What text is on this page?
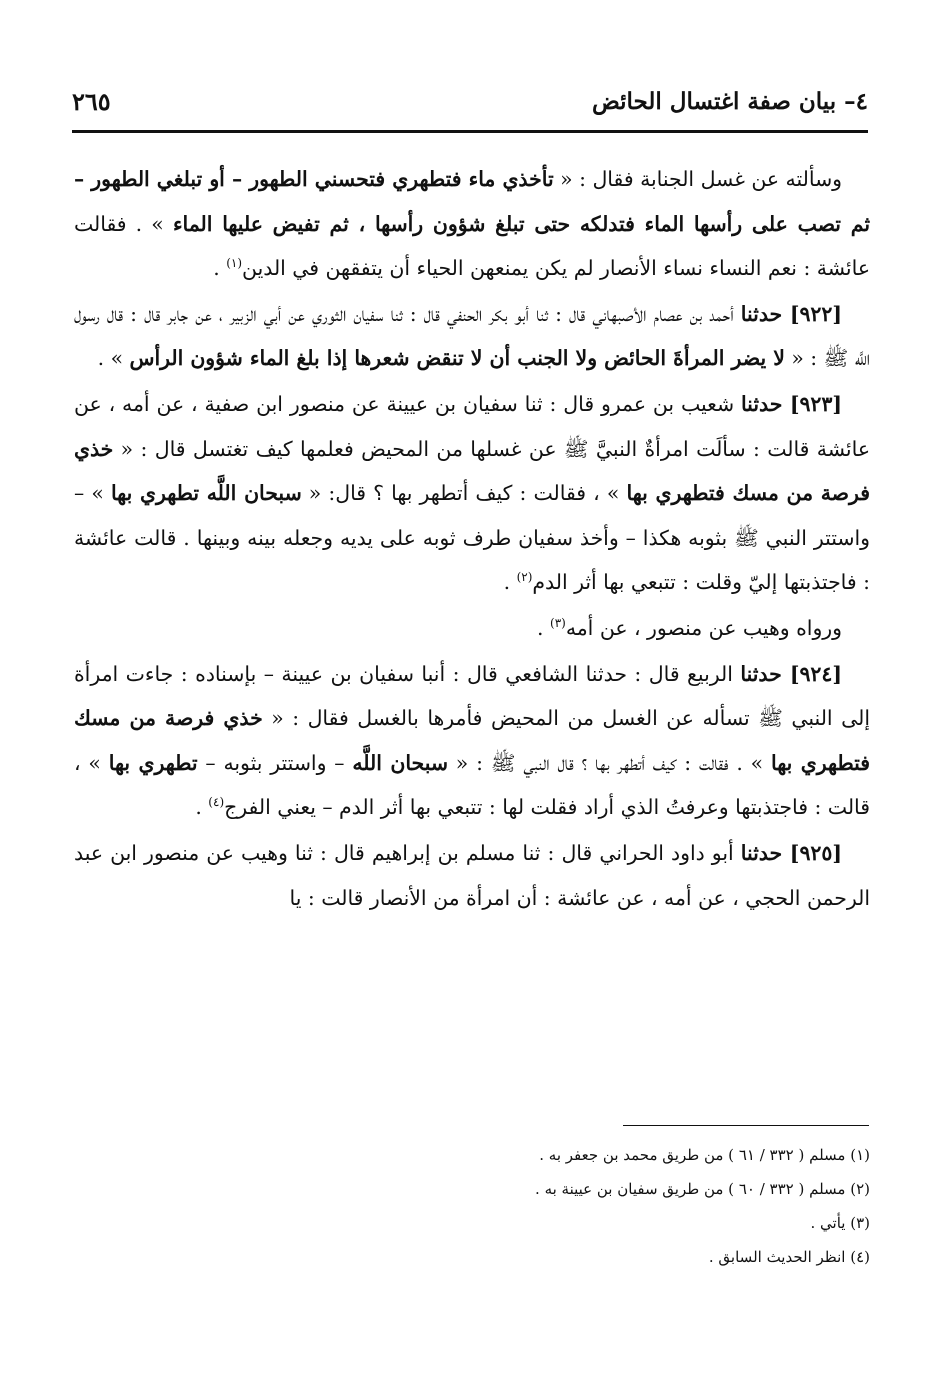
٤– بيان صفة اغتسال الحائض
٢٦٥

وسألته عن غسل الجنابة فقال : « تأخذي ماء فتطهري فتحسني الطهور – أو تبلغي الطهور – ثم تصب على رأسها الماء فتدلكه حتى تبلغ شؤون رأسها ، ثم تفيض عليها الماء » . فقالت عائشة : نعم النساء نساء الأنصار لم يكن يمنعهن الحياء أن يتفقهن في الدين$^{(١)}$ .

[٩٢٢] حدثنا أحمد بن عصام الأصبهاني قال : ثنا أبو بكر الحنفي قال : ثنا سفيان الثوري عن أبي الزبير ، عن جابر قال : قال رسول اللَّه ﷺ : « لا يضر المرأةَ الحائض ولا الجنب أن لا تنقض شعرها إذا بلغ الماء شؤون الرأس » .

[٩٢٣] حدثنا شعيب بن عمرو قال : ثنا سفيان بن عيينة عن منصور ابن صفية ، عن أمه ، عن عائشة قالت : سألَت امرأةٌ النبيَّ ﷺ عن غسلها من المحيض فعلمها كيف تغتسل قال : « خذي فرصة من مسك فتطهري بها » ، فقالت : كيف أتطهر بها ؟ قال: « سبحان اللَّه تطهري بها » – واستتر النبي ﷺ بثوبه هكذا – وأخذ سفيان طرف ثوبه على يديه وجعله بينه وبينها . قالت عائشة : فاجتذبتها إليّ وقلت : تتبعي بها أثر الدم$^{(٢)}$ .

ورواه وهيب عن منصور ، عن أمه$^{(٣)}$ .

[٩٢٤] حدثنا الربيع قال : حدثنا الشافعي قال : أنبا سفيان بن عيينة – بإسناده : جاءت امرأة إلى النبي ﷺ تسأله عن الغسل من المحيض فأمرها بالغسل فقال : « خذي فرصة من مسك فتطهري بها » . فقالت : كيف أتطهر بها ؟ قال النبي ﷺ : « سبحان اللَّه – واستتر بثوبه – تطهري بها » ، قالت : فاجتذبتها وعرفتُ الذي أراد فقلت لها : تتبعي بها أثر الدم – يعني الفرج$^{(٤)}$ .

[٩٢٥] حدثنا أبو داود الحراني قال : ثنا مسلم بن إبراهيم قال : ثنا وهيب عن منصور ابن عبد الرحمن الحجي ، عن أمه ، عن عائشة : أن امرأة من الأنصار قالت : يا

(١) مسلم ( ٣٣٢ / ٦١ ) من طريق محمد بن جعفر به .
(٢) مسلم ( ٣٣٢ / ٦٠ ) من طريق سفيان بن عيينة به .
(٣) يأتي .
(٤) انظر الحديث السابق .
